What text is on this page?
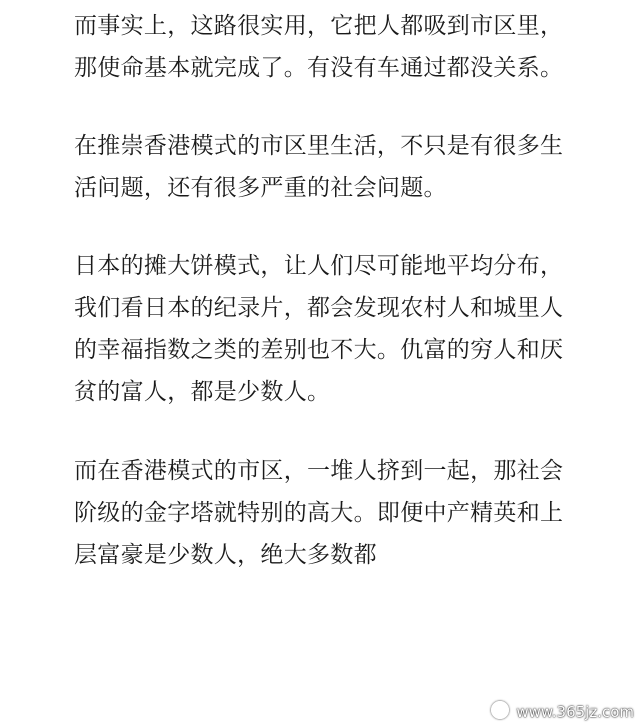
而事实上，这路很实用，它把人都吸到市区里，那使命基本就完成了。有没有车通过都没关系。

在推崇香港模式的市区里生活，不只是有很多生活问题，还有很多严重的社会问题。

日本的摊大饼模式，让人们尽可能地平均分布，我们看日本的纪录片，都会发现农村人和城里人的幸福指数之类的差别也不大。仇富的穷人和厌贫的富人，都是少数人。

而在香港模式的市区，一堆人挤到一起，那社会阶级的金字塔就特别的高大。即便中产精英和上层富豪是少数人，绝大多数都

www.365jz.com
